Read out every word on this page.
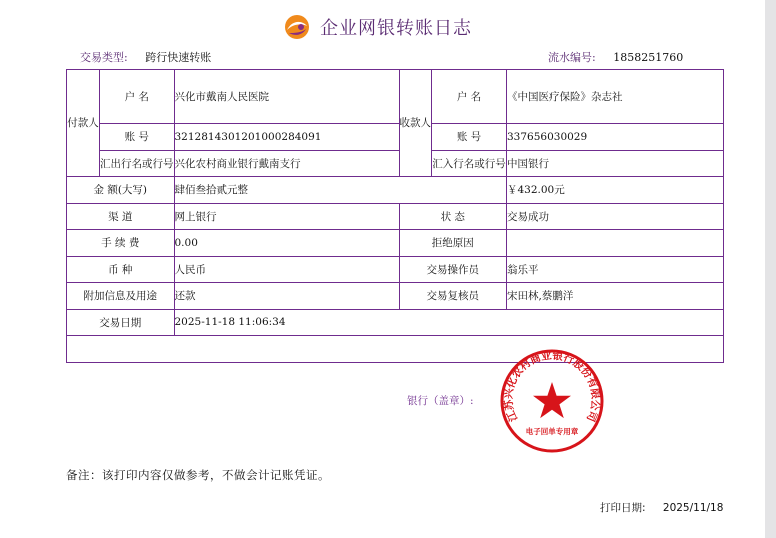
企业网银转账日志
交易类型: 跨行快速转账	流水编号: 1858251760
付款人	户 名	兴化市戴南人民医院	收款人	户 名	《中国医疗保险》杂志社
	账 号	3212814301201000284091		账 号	337656030029
	汇出行名或行号	兴化农村商业银行戴南支行		汇入行名或行号	中国银行
金 额(大写)		肆佰叁拾贰元整			￥432.00元
渠 道		网上银行	状 态		交易成功
手 续 费		0.00	拒绝原因		
币 种		人民币	交易操作员		翁乐平
附加信息及用途		还款	交易复核员		宋田林,蔡鹏洋
交易日期		2025-11-18 11:06:34			

银行（盖章）:
江苏兴化农村商业银行股份有限公司
电子回单专用章					
备注：该打印内容仅做参考，不做会计记账凭证。
打印日期: 2025/11/18
